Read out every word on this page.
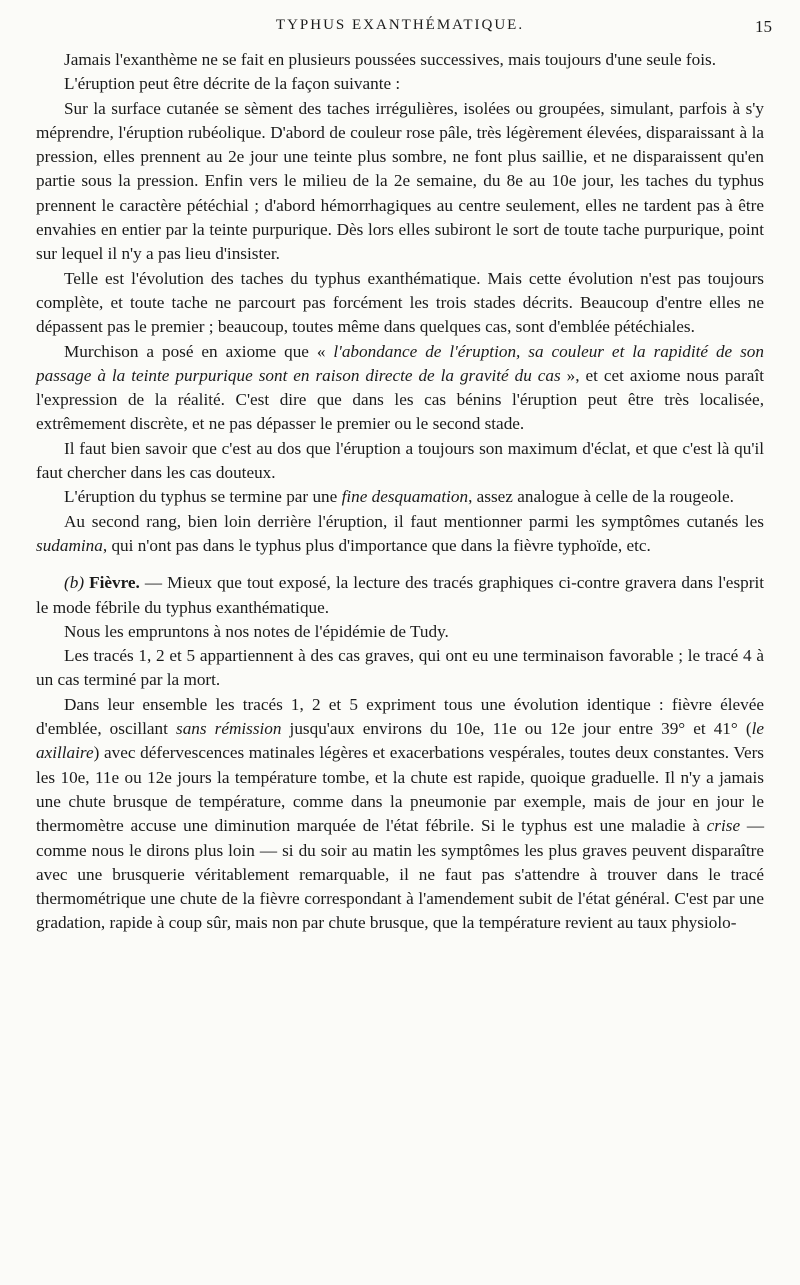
TYPHUS EXANTHÉMATIQUE.	15

Jamais l'exanthème ne se fait en plusieurs poussées successives, mais toujours d'une seule fois.

L'éruption peut être décrite de la façon suivante :

Sur la surface cutanée se sèment des taches irrégulières, isolées ou groupées, simulant, parfois à s'y méprendre, l'éruption rubéolique. D'abord de couleur rose pâle, très légèrement élevées, disparaissant à la pression, elles prennent au 2e jour une teinte plus sombre, ne font plus saillie, et ne disparaissent qu'en partie sous la pression. Enfin vers le milieu de la 2e semaine, du 8e au 10e jour, les taches du typhus prennent le caractère pétéchial ; d'abord hémorrhagiques au centre seulement, elles ne tardent pas à être envahies en entier par la teinte purpurique. Dès lors elles subiront le sort de toute tache purpurique, point sur lequel il n'y a pas lieu d'insister.

Telle est l'évolution des taches du typhus exanthématique. Mais cette évolution n'est pas toujours complète, et toute tache ne parcourt pas forcément les trois stades décrits. Beaucoup d'entre elles ne dépassent pas le premier ; beaucoup, toutes même dans quelques cas, sont d'emblée pétéchiales.

Murchison a posé en axiome que « l'abondance de l'éruption, sa couleur et la rapidité de son passage à la teinte purpurique sont en raison directe de la gravité du cas », et cet axiome nous paraît l'expression de la réalité. C'est dire que dans les cas bénins l'éruption peut être très localisée, extrêmement discrète, et ne pas dépasser le premier ou le second stade.

Il faut bien savoir que c'est au dos que l'éruption a toujours son maximum d'éclat, et que c'est là qu'il faut chercher dans les cas douteux.

L'éruption du typhus se termine par une fine desquamation, assez analogue à celle de la rougeole.

Au second rang, bien loin derrière l'éruption, il faut mentionner parmi les symptômes cutanés les sudamina, qui n'ont pas dans le typhus plus d'importance que dans la fièvre typhoïde, etc.

(b) Fièvre. — Mieux que tout exposé, la lecture des tracés graphiques ci-contre gravera dans l'esprit le mode fébrile du typhus exanthématique.

Nous les empruntons à nos notes de l'épidémie de Tudy.

Les tracés 1, 2 et 5 appartiennent à des cas graves, qui ont eu une terminaison favorable ; le tracé 4 à un cas terminé par la mort.

Dans leur ensemble les tracés 1, 2 et 5 expriment tous une évolution identique : fièvre élevée d'emblée, oscillant sans rémission jusqu'aux environs du 10e, 11e ou 12e jour entre 39° et 41° (le axillaire) avec défervescences matinales légères et exacerbations vespérales, toutes deux constantes. Vers les 10e, 11e ou 12e jours la température tombe, et la chute est rapide, quoique graduelle. Il n'y a jamais une chute brusque de température, comme dans la pneumonie par exemple, mais de jour en jour le thermomètre accuse une diminution marquée de l'état fébrile. Si le typhus est une maladie à crise — comme nous le dirons plus loin — si du soir au matin les symptômes les plus graves peuvent disparaître avec une brusquerie véritablement remarquable, il ne faut pas s'attendre à trouver dans le tracé thermométrique une chute de la fièvre correspondant à l'amendement subit de l'état général. C'est par une gradation, rapide à coup sûr, mais non par chute brusque, que la température revient au taux physiolo-
